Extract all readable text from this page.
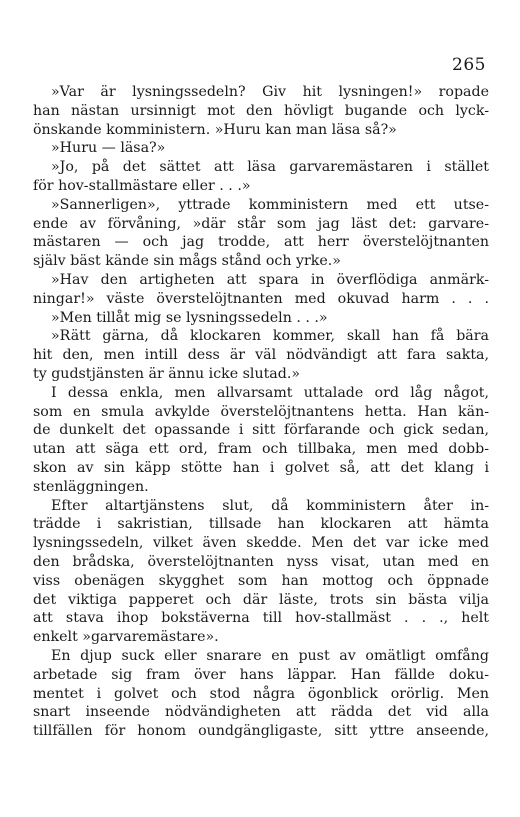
265
»Var är lysningssedeln? Giv hit lysningen!» ropade
han nästan ursinnigt mot den hövligt bugande och lyck-
önskande komministern. »Huru kan man läsa så?»
»Huru — läsa?»
»Jo, på det sättet att läsa garvaremästaren i stället
för hov-stallmästare eller . . .»
»Sannerligen», yttrade komministern med ett utse-
ende av förvåning, »där står som jag läst det: garvare-
mästaren — och jag trodde, att herr överstelöjtnanten
själv bäst kände sin mågs stånd och yrke.»
»Hav den artigheten att spara in överflödiga anmärk-
ningar!» väste överstelöjtnanten med okuvad harm . . .
»Men tillåt mig se lysningssedeln . . .»
»Rätt gärna, då klockaren kommer, skall han få bära
hit den, men intill dess är väl nödvändigt att fara sakta,
ty gudstjänsten är ännu icke slutad.»
I dessa enkla, men allvarsamt uttalade ord låg något,
som en smula avkylde överstelöjtnantens hetta. Han kän-
de dunkelt det opassande i sitt förfarande och gick sedan,
utan att säga ett ord, fram och tillbaka, men med dobb-
skon av sin käpp stötte han i golvet så, att det klang i
stenläggningen.
Efter altartjänstens slut, då komministern åter in-
trädde i sakristian, tillsade han klockaren att hämta
lysningssedeln, vilket även skedde. Men det var icke med
den brådska, överstelöjtnanten nyss visat, utan med en
viss obenägen skygghet som han mottog och öppnade
det viktiga papperet och där läste, trots sin bästa vilja
att stava ihop bokstäverna till hov-stallmäst . . ., helt
enkelt »garvaremästare».
En djup suck eller snarare en pust av omätligt omfång
arbetade sig fram över hans läppar. Han fällde doku-
mentet i golvet och stod några ögonblick orörlig. Men
snart inseende nödvändigheten att rädda det vid alla
tillfällen för honom oundgängligaste, sitt yttre anseende,
